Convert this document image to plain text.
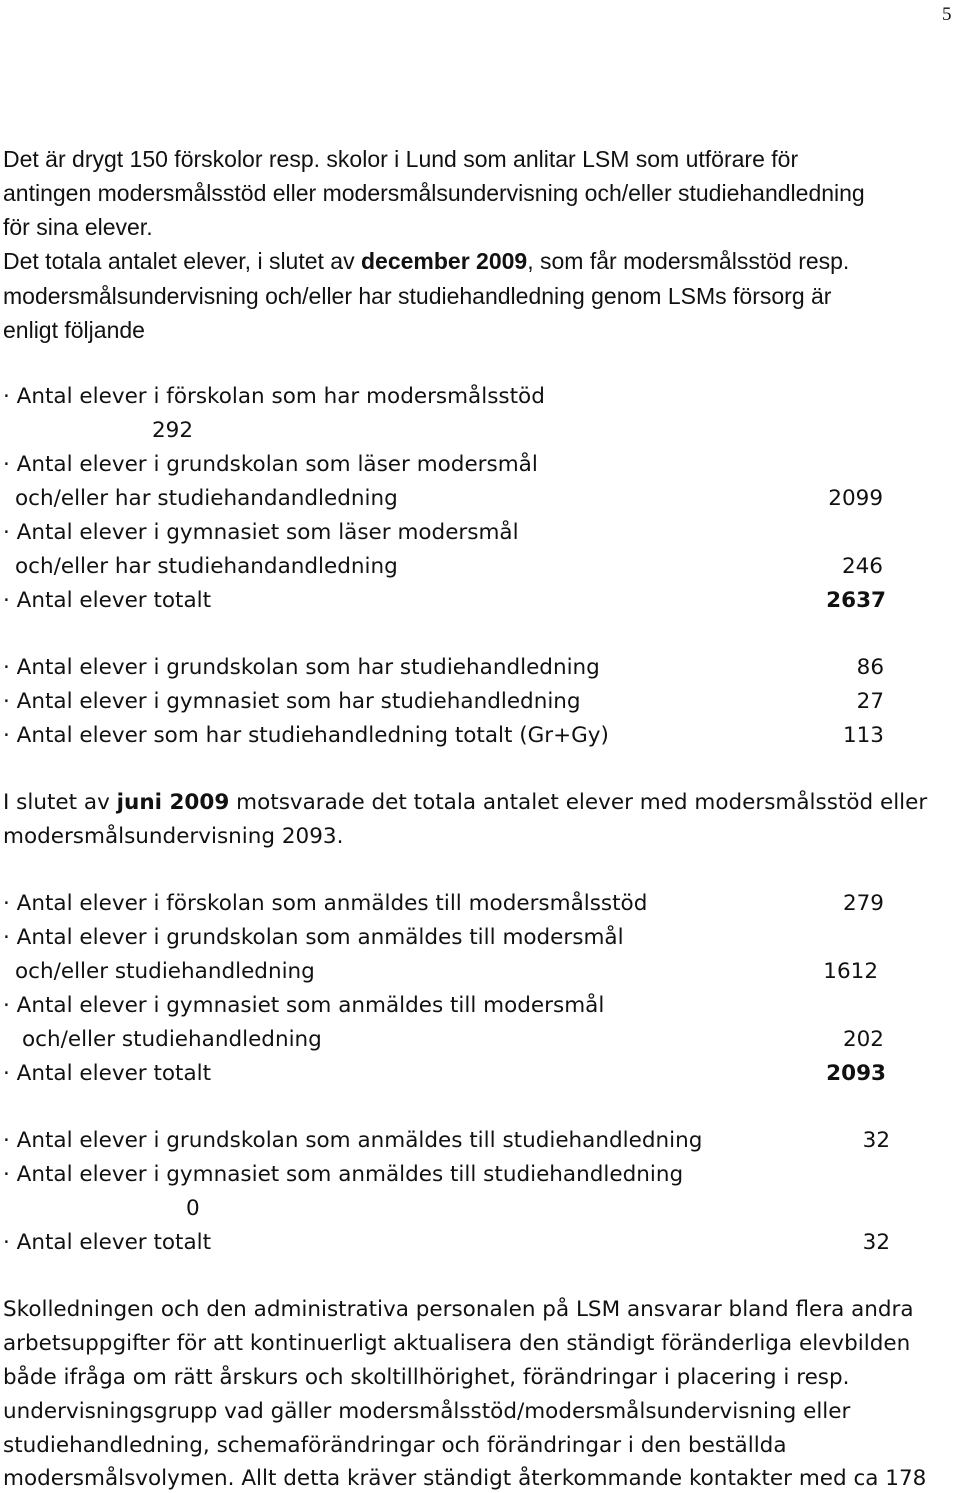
5
Det är drygt 150 förskolor resp. skolor i Lund som anlitar LSM som utförare för
antingen modersmålsstöd eller modersmålsundervisning och/eller studiehandledning
för sina elever.
Det totala antalet elever, i slutet av december 2009, som får modersmålsstöd resp.
modersmålsundervisning och/eller har studiehandledning genom LSMs försorg är
enligt följande
· Antal elever i förskolan som har modersmålsstöd
292
· Antal elever i grundskolan som läser modersmål
och/eller har studiehandandledning	2099
· Antal elever i gymnasiet som läser modersmål
och/eller har studiehandandledning	246
· Antal elever totalt	2637
· Antal elever i grundskolan som har studiehandledning	86
· Antal elever i gymnasiet som har studiehandledning	27
· Antal elever som har studiehandledning totalt (Gr+Gy)	113
I slutet av juni 2009 motsvarade det totala antalet elever med modersmålsstöd eller
modersmålsundervisning 2093.
· Antal elever i förskolan som anmäldes till modersmålsstöd	279
· Antal elever i grundskolan som anmäldes till modersmål
och/eller studiehandledning	1612
· Antal elever i gymnasiet som anmäldes till modersmål
och/eller studiehandledning	202
· Antal elever totalt	2093
· Antal elever i grundskolan som anmäldes till studiehandledning	32
· Antal elever i gymnasiet som anmäldes till studiehandledning
0
· Antal elever totalt	32
Skolledningen och den administrativa personalen på LSM ansvarar bland flera andra
arbetsuppgifter för att kontinuerligt aktualisera den ständigt föränderliga elevbilden
både ifråga om rätt årskurs och skoltillhörighet, förändringar i placering i resp.
undervisningsgrupp vad gäller modersmålsstöd/modersmålsundervisning eller
studiehandledning, schemaförändringar och förändringar i den beställda
modersmålsvolymen. Allt detta kräver ständigt återkommande kontakter med ca 178
